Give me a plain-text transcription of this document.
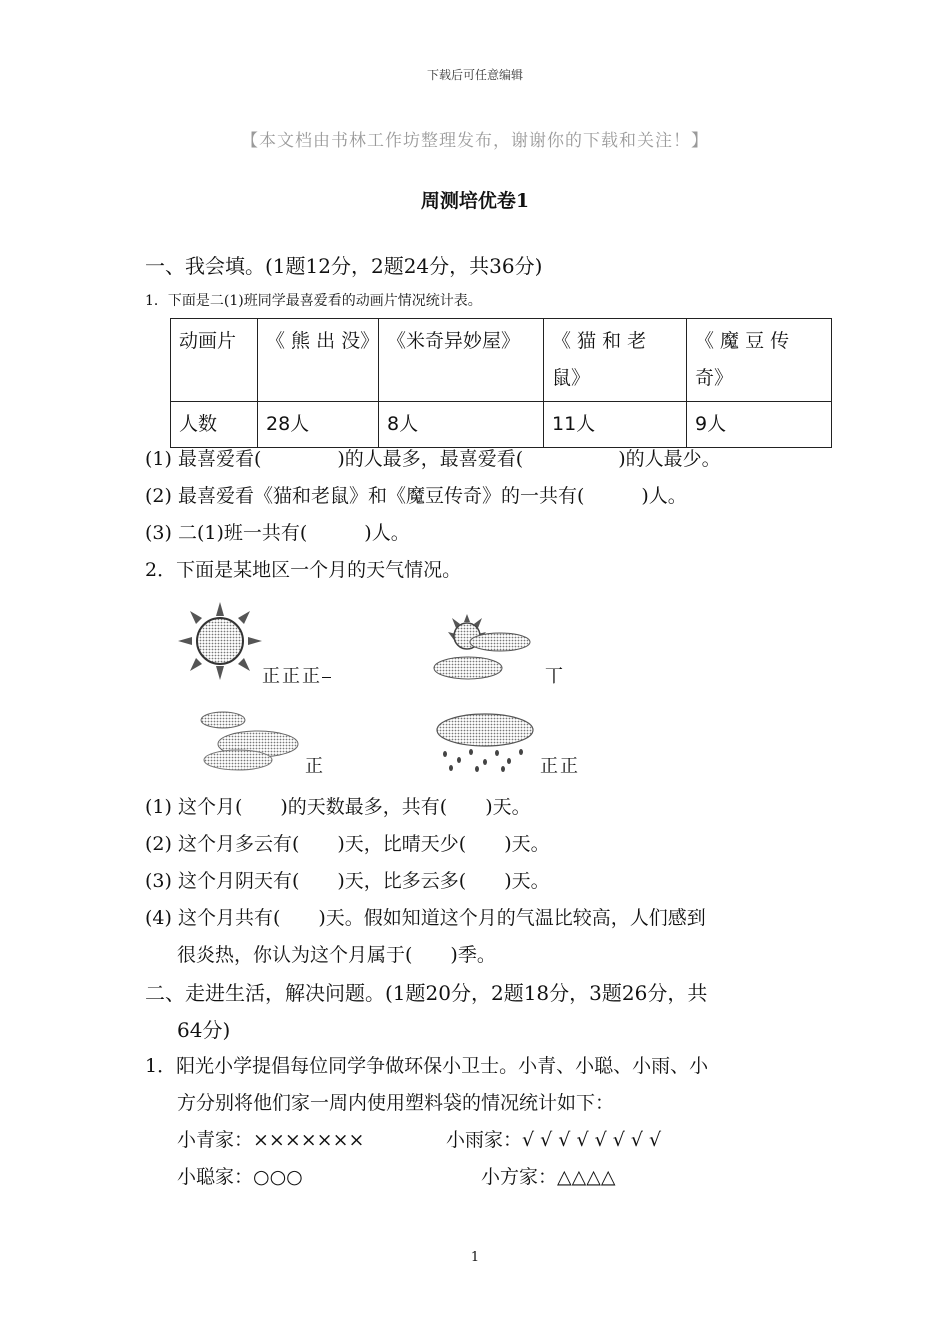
下载后可任意编辑
【本文档由书林工作坊整理发布，谢谢你的下载和关注！】
周测培优卷1
一、我会填。(1题12分，2题24分，共36分)
1．下面是二(1)班同学最喜爱看的动画片情况统计表。
动画片	《 熊 出 没》	《米奇异妙屋》	《 猫 和 老 鼠》	《 魔 豆 传 奇》
人数	28人	8人	11人	9人
(1) 最喜爱看(　　　　)的人最多，最喜爱看(　　　　　)的人最少。
(2) 最喜爱看《猫和老鼠》和《魔豆传奇》的一共有(　　　)人。
(3) 二(1)班一共有(　　　)人。
2．下面是某地区一个月的天气情况。
正正正⎯	丅
正	正正
(1) 这个月(　　)的天数最多，共有(　　)天。
(2) 这个月多云有(　　)天，比晴天少(　　)天。
(3) 这个月阴天有(　　)天，比多云多(　　)天。
(4) 这个月共有(　　)天。假如知道这个月的气温比较高，人们感到
很炎热，你认为这个月属于(　　)季。
二、走进生活，解决问题。(1题20分，2题18分，3题26分，共
64分)
1．阳光小学提倡每位同学争做环保小卫士。小青、小聪、小雨、小
方分别将他们家一周内使用塑料袋的情况统计如下：
小青家：×××××××	小雨家：√ √ √ √ √ √ √ √
小聪家：○○○	小方家：△△△△
1
